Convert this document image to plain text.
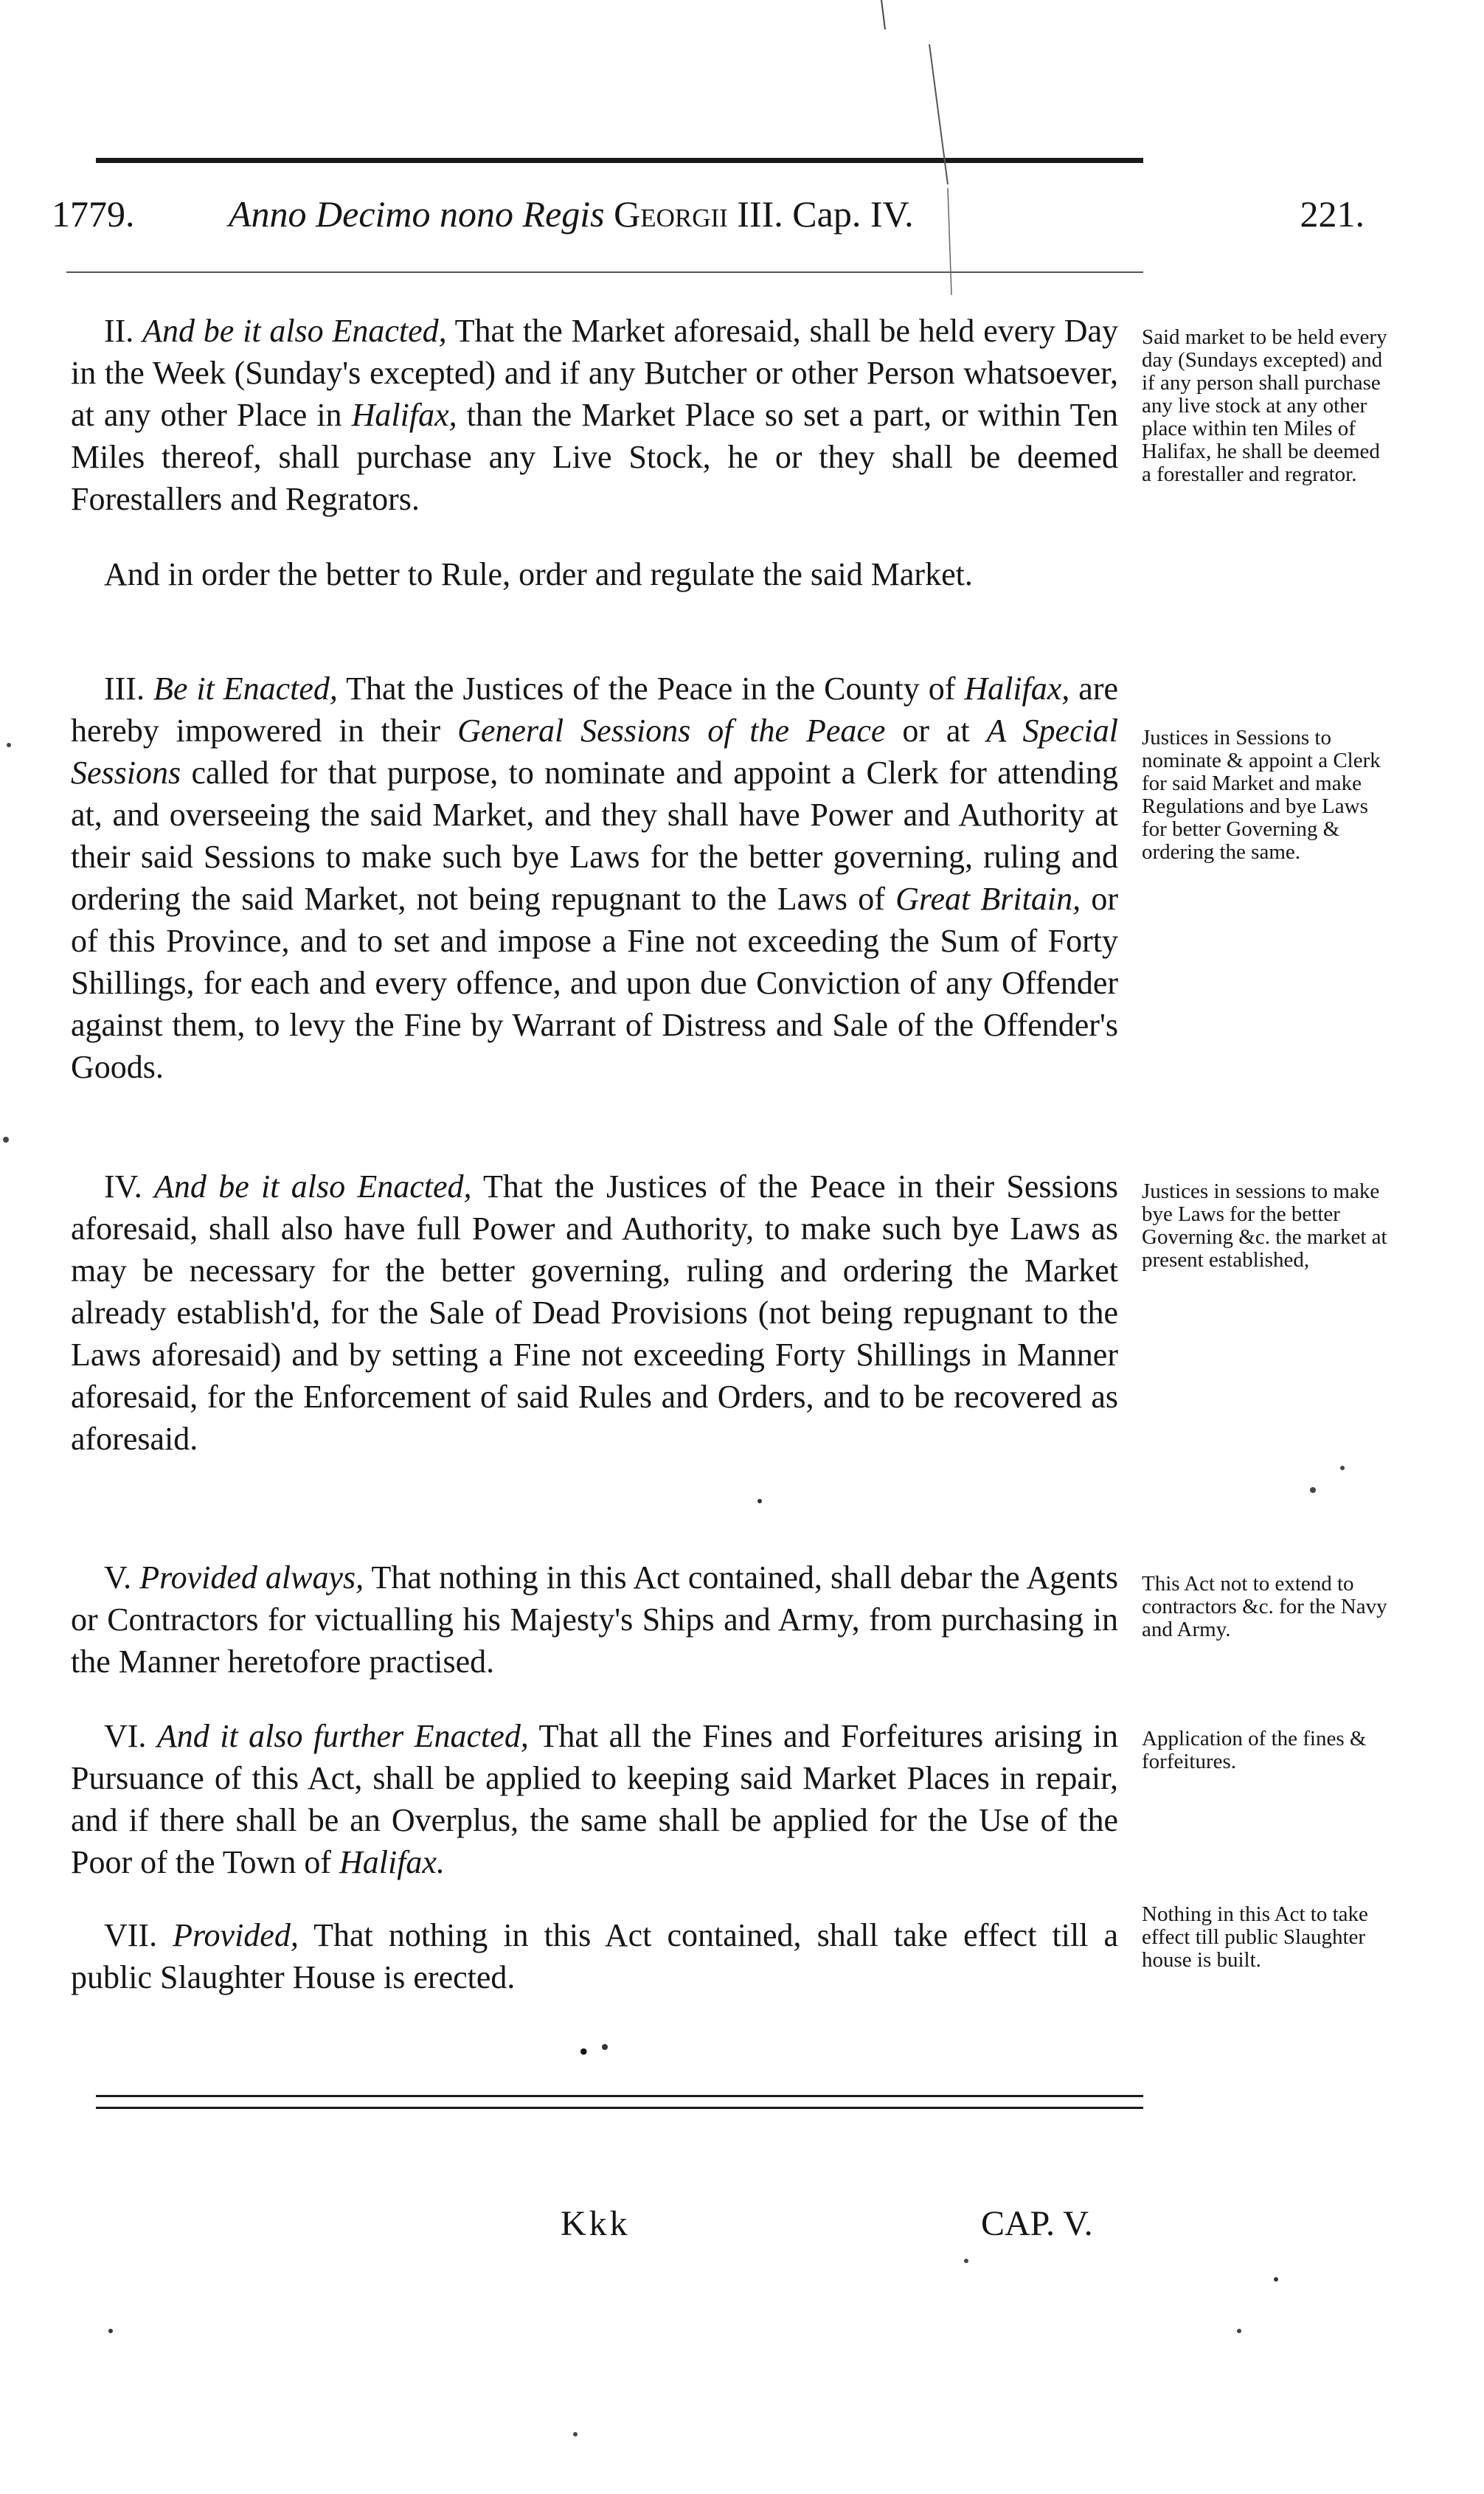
1779.	Anno Decimo nono Regis Georgii III. Cap. IV.	221.

II. And be it also Enacted, That the Market aforesaid, shall be held every Day in the Week (Sunday's excepted) and if any Butcher or other Person whatsoever, at any other Place in Halifax, than the Market Place so set a part, or within Ten Miles thereof, shall purchase any Live Stock, he or they shall be deemed Forestallers and Regrators.

And in order the better to Rule, order and regulate the said Market.

III. Be it Enacted, That the Justices of the Peace in the County of Halifax, are hereby impowered in their General Sessions of the Peace or at A Special Sessions called for that purpose, to nominate and appoint a Clerk for attending at, and overseeing the said Market, and they shall have Power and Authority at their said Sessions to make such bye Laws for the better governing, ruling and ordering the said Market, not being repugnant to the Laws of Great Britain, or of this Province, and to set and impose a Fine not exceeding the Sum of Forty Shillings, for each and every offence, and upon due Conviction of any Offender against them, to levy the Fine by Warrant of Distress and Sale of the Offender's Goods.

IV. And be it also Enacted, That the Justices of the Peace in their Sessions aforesaid, shall also have full Power and Authority, to make such bye Laws as may be necessary for the better governing, ruling and ordering the Market already establish'd, for the Sale of Dead Provisions (not being repugnant to the Laws aforesaid) and by setting a Fine not exceeding Forty Shillings in Manner aforesaid, for the Enforcement of said Rules and Orders, and to be recovered as aforesaid.

V. Provided always, That nothing in this Act contained, shall debar the Agents or Contractors for victualling his Majesty's Ships and Army, from purchasing in the Manner heretofore practised.

VI. And it also further Enacted, That all the Fines and Forfeitures arising in Pursuance of this Act, shall be applied to keeping said Market Places in repair, and if there shall be an Overplus, the same shall be applied for the Use of the Poor of the Town of Halifax.

VII. Provided, That nothing in this Act contained, shall take effect till a public Slaughter House is erected.

Said market to be held every day (Sundays excepted) and if any person shall purchase any live stock at any other place within ten Miles of Halifax, he shall be deemed a forestaller and regrator.
Justices in Sessions to nominate & appoint a Clerk for said Market and make Regulations and bye Laws for better Governing & ordering the same.
Justices in sessions to make bye Laws for the better Governing &c. the market at present established,
This Act not to extend to contractors &c. for the Navy and Army.
Application of the fines & forfeitures.
Nothing in this Act to take effect till public Slaughter house is built.
•
Kkk	CAP. V.
